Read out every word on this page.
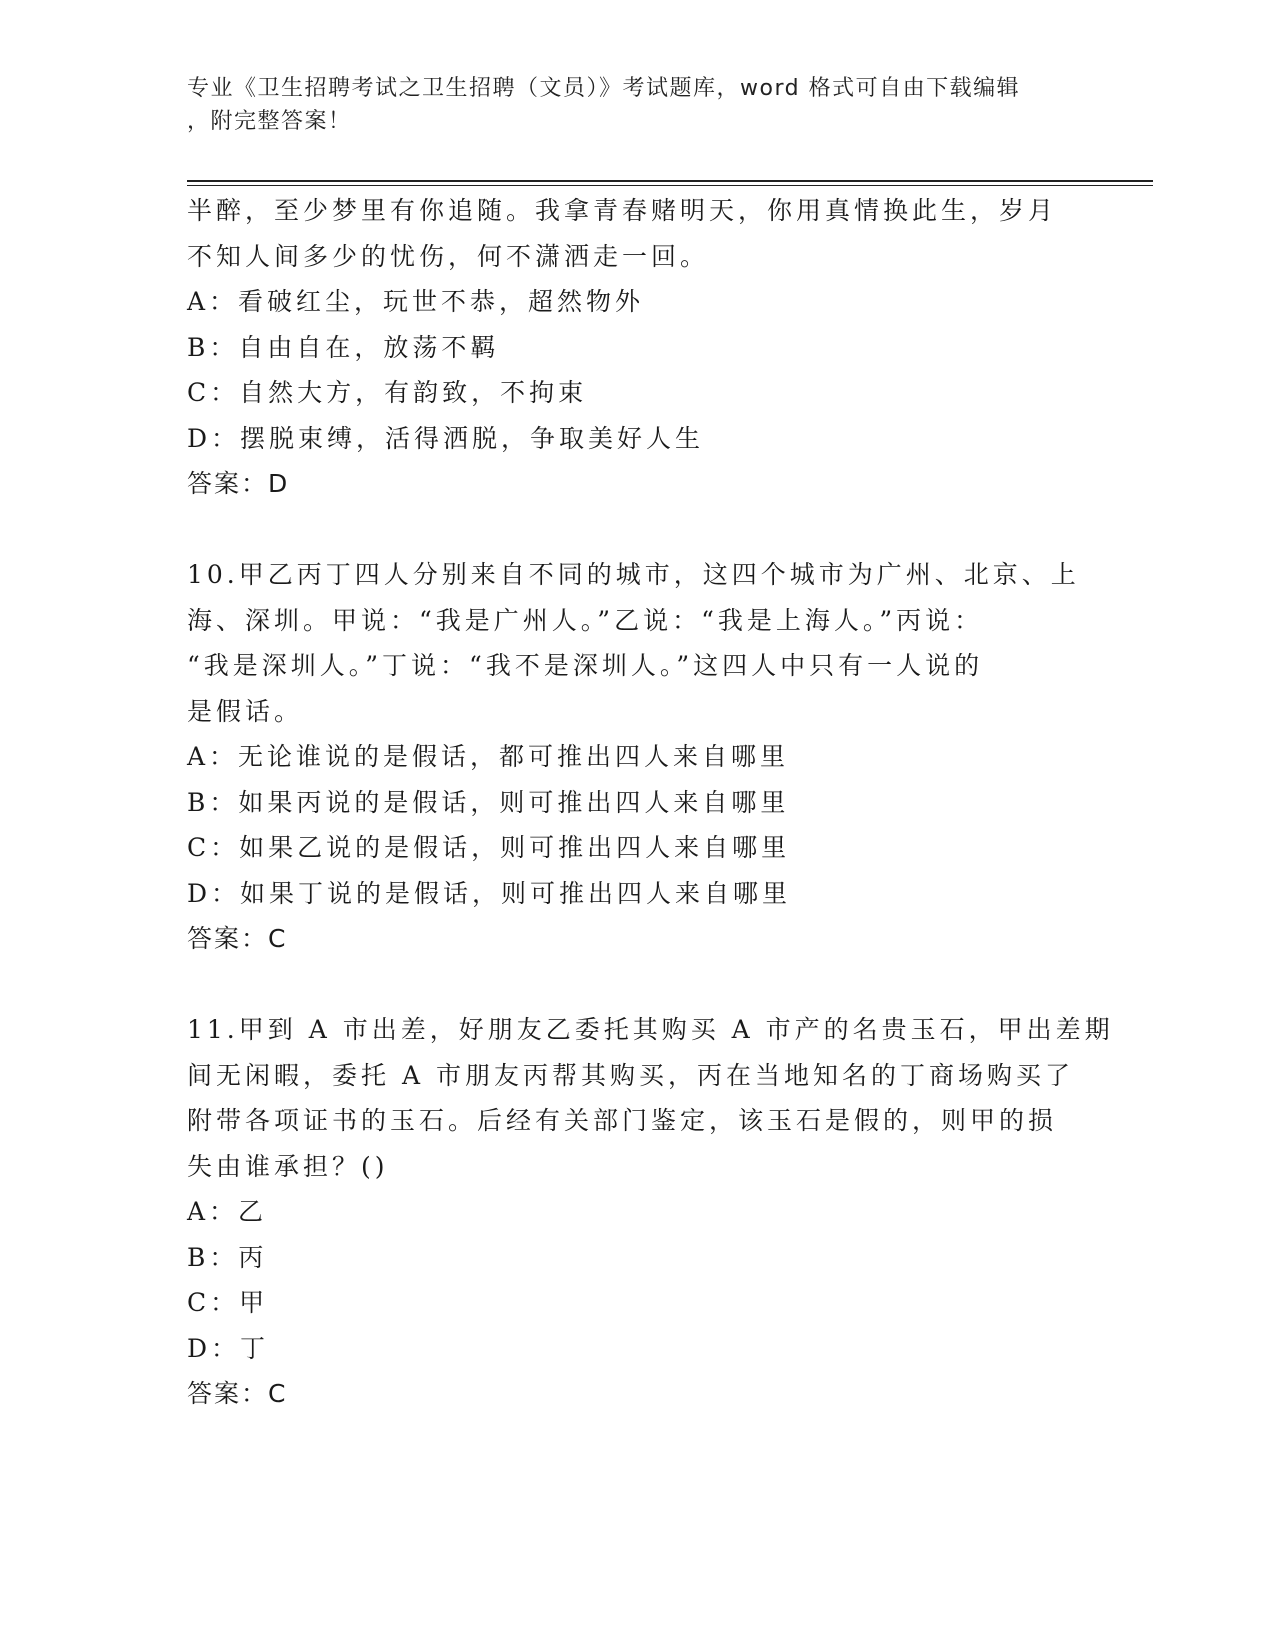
专业《卫生招聘考试之卫生招聘（文员）》考试题库，word 格式可自由下载编辑
，附完整答案！
半醉，至少梦里有你追随。我拿青春赌明天，你用真情换此生，岁月
不知人间多少的忧伤，何不潇洒走一回。
A：看破红尘，玩世不恭，超然物外
B：自由自在，放荡不羁
C：自然大方，有韵致，不拘束
D：摆脱束缚，活得洒脱，争取美好人生
答案：D
10.甲乙丙丁四人分别来自不同的城市，这四个城市为广州、北京、上
海、深圳。甲说：“我是广州人。”乙说：“我是上海人。”丙说：
“我是深圳人。”丁说：“我不是深圳人。”这四人中只有一人说的
是假话。
A：无论谁说的是假话，都可推出四人来自哪里
B：如果丙说的是假话，则可推出四人来自哪里
C：如果乙说的是假话，则可推出四人来自哪里
D：如果丁说的是假话，则可推出四人来自哪里
答案：C
11.甲到 A 市出差，好朋友乙委托其购买 A 市产的名贵玉石，甲出差期
间无闲暇，委托 A 市朋友丙帮其购买，丙在当地知名的丁商场购买了
附带各项证书的玉石。后经有关部门鉴定，该玉石是假的，则甲的损
失由谁承担？()
A：乙
B：丙
C：甲
D：丁
答案：C
